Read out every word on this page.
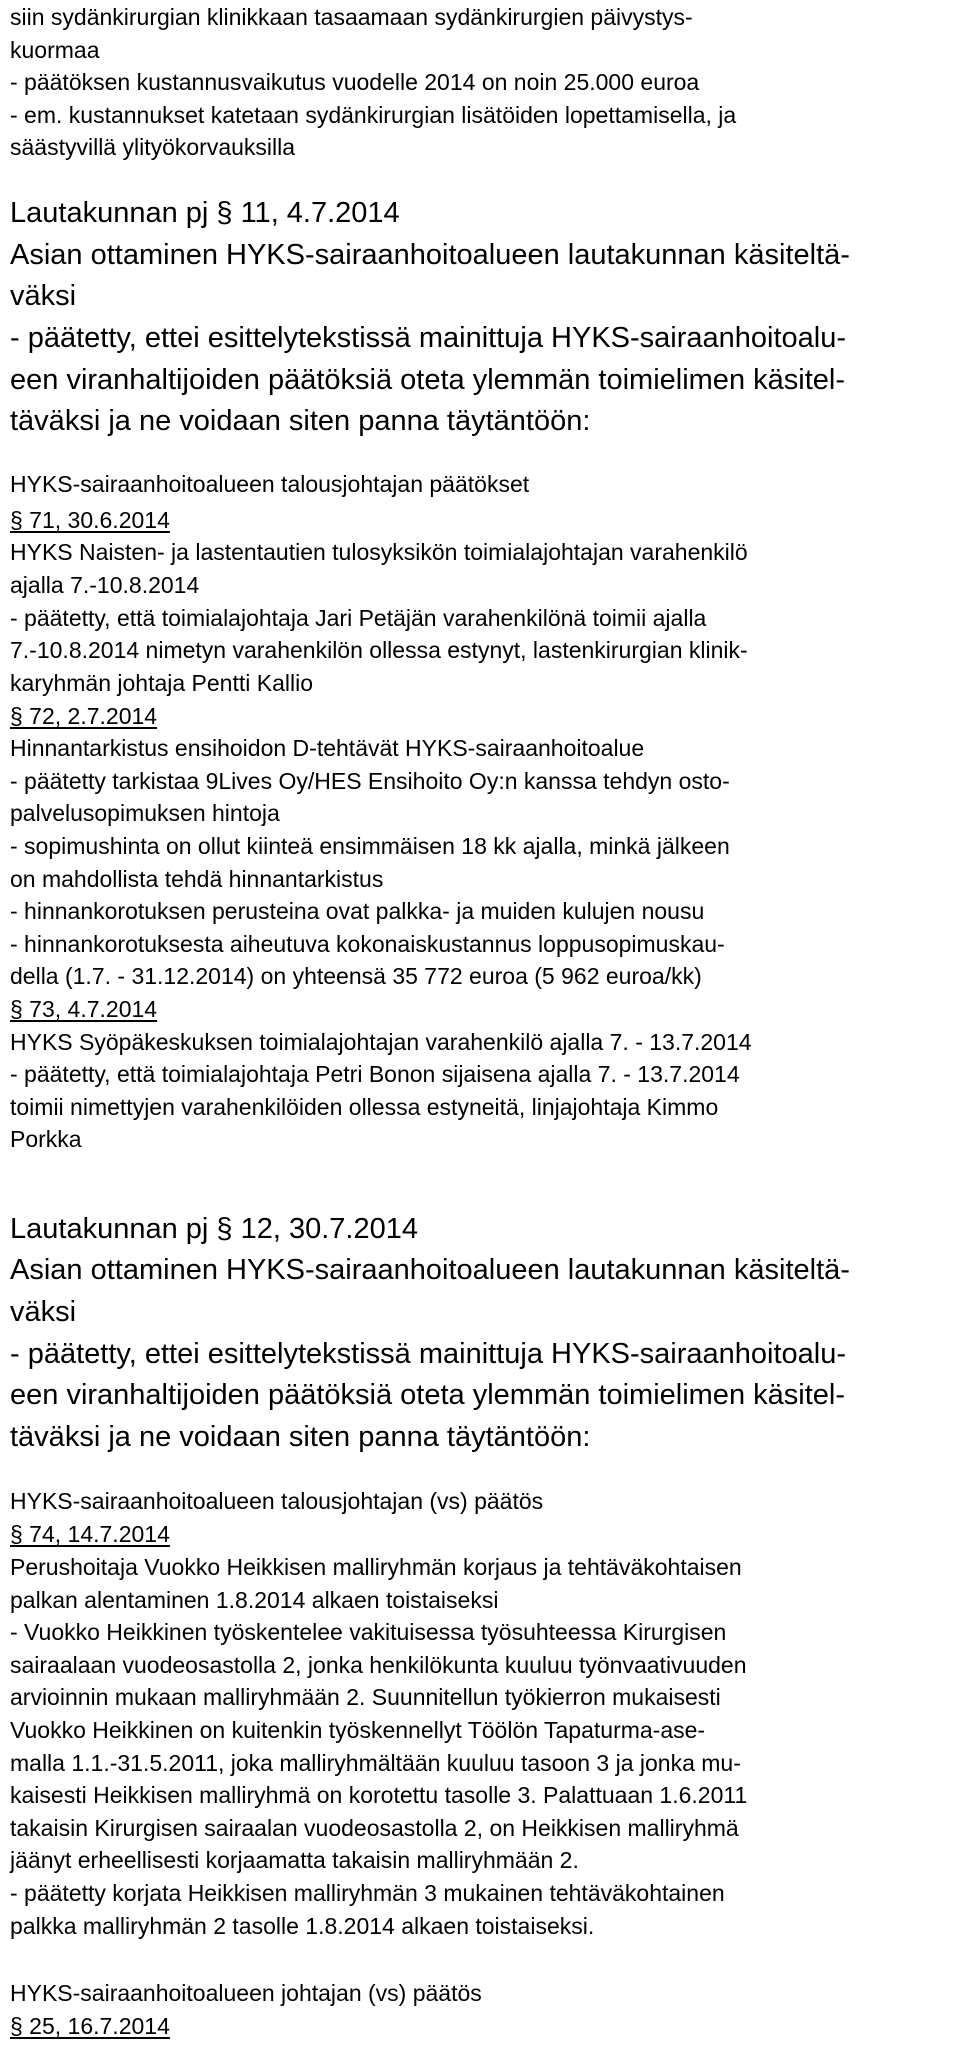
siin sydänkirurgian klinikkaan tasaamaan sydänkirurgien päivystys-
kuormaa
- päätöksen kustannusvaikutus vuodelle 2014 on noin 25.000 euroa
- em. kustannukset katetaan sydänkirurgian lisätöiden lopettamisella, ja
säästyvillä ylityökorvauksilla
Lautakunnan pj § 11, 4.7.2014
Asian ottaminen HYKS-sairaanhoitoalueen lautakunnan käsiteltä-
väksi
- päätetty, ettei esittelytekstissä mainittuja HYKS-sairaanhoitoalu-
een viranhaltijoiden päätöksiä oteta ylemmän toimielimen käsitel-
täväksi ja ne voidaan siten panna täytäntöön:
HYKS-sairaanhoitoalueen talousjohtajan päätökset
§ 71, 30.6.2014
HYKS Naisten- ja lastentautien tulosyksikön toimialajohtajan varahenkilö
ajalla 7.-10.8.2014
- päätetty, että toimialajohtaja Jari Petäjän varahenkilönä toimii ajalla
7.-10.8.2014 nimetyn varahenkilön ollessa estynyt, lastenkirurgian klinik-
karyhmän johtaja Pentti Kallio
§ 72, 2.7.2014
Hinnantarkistus ensihoidon D-tehtävät HYKS-sairaanhoitoalue
- päätetty tarkistaa 9Lives Oy/HES Ensihoito Oy:n kanssa tehdyn osto-
palvelusopimuksen hintoja
- sopimushinta on ollut kiinteä ensimmäisen 18 kk ajalla, minkä jälkeen
on mahdollista tehdä hinnantarkistus
- hinnankorotuksen perusteina ovat palkka- ja muiden kulujen nousu
- hinnankorotuksesta aiheutuva kokonaiskustannus loppusopimuskau-
della (1.7. - 31.12.2014) on yhteensä 35 772 euroa (5 962 euroa/kk)
§ 73, 4.7.2014
HYKS Syöpäkeskuksen toimialajohtajan varahenkilö ajalla 7. - 13.7.2014
- päätetty, että toimialajohtaja Petri Bonon sijaisena ajalla 7. - 13.7.2014
toimii nimettyjen varahenkilöiden ollessa estyneitä, linjajohtaja Kimmo
Porkka
Lautakunnan pj § 12, 30.7.2014
Asian ottaminen HYKS-sairaanhoitoalueen lautakunnan käsiteltä-
väksi
- päätetty, ettei esittelytekstissä mainittuja HYKS-sairaanhoitoalu-
een viranhaltijoiden päätöksiä oteta ylemmän toimielimen käsitel-
täväksi ja ne voidaan siten panna täytäntöön:
HYKS-sairaanhoitoalueen talousjohtajan (vs) päätös
§ 74, 14.7.2014
Perushoitaja Vuokko Heikkisen malliryhmän korjaus ja tehtäväkohtaisen
palkan alentaminen 1.8.2014 alkaen toistaiseksi
- Vuokko Heikkinen työskentelee vakituisessa työsuhteessa Kirurgisen
sairaalaan vuodeosastolla 2, jonka henkilökunta kuuluu työnvaativuuden
arvioinnin mukaan malliryhmään 2. Suunnitellun työkierron mukaisesti
Vuokko Heikkinen on kuitenkin työskennellyt Töölön Tapaturma-ase-
malla 1.1.-31.5.2011, joka malliryhmältään kuuluu tasoon 3 ja jonka mu-
kaisesti Heikkisen malliryhmä on korotettu tasolle 3. Palattuaan 1.6.2011
takaisin Kirurgisen sairaalan vuodeosastolla 2, on Heikkisen malliryhmä
jäänyt erheellisesti korjaamatta takaisin malliryhmään 2.
- päätetty korjata Heikkisen malliryhmän 3 mukainen tehtäväkohtainen
palkka malliryhmän 2 tasolle 1.8.2014 alkaen toistaiseksi.
HYKS-sairaanhoitoalueen johtajan (vs) päätös
§ 25, 16.7.2014
